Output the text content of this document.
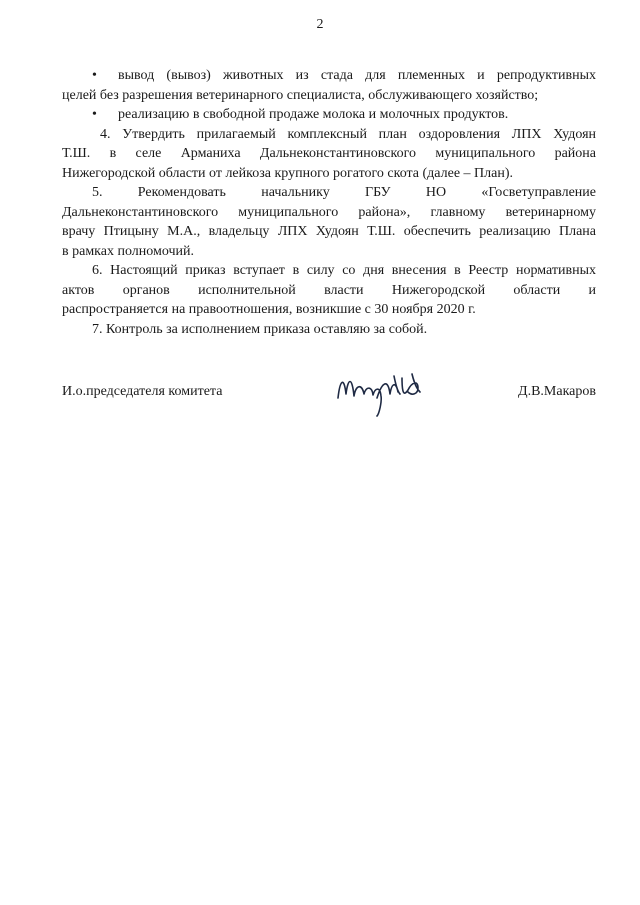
2

• вывод (вывоз) животных из стада для племенных и репродуктивных

целей без разрешения ветеринарного специалиста, обслуживающего хозяйство;

• реализацию в свободной продаже молока и молочных продуктов.

4. Утвердить прилагаемый комплексный план оздоровления ЛПХ Худоян

Т.Ш. в селе Арманиха Дальнеконстантиновского муниципального района

Нижегородской области от лейкоза крупного рогатого скота (далее – План).

5. Рекомендовать начальнику ГБУ НО «Госветуправление

Дальнеконстантиновского муниципального района», главному ветеринарному

врачу Птицыну М.А., владельцу ЛПХ Худоян Т.Ш. обеспечить реализацию Плана

в рамках полномочий.

6. Настоящий приказ вступает в силу со дня внесения в Реестр нормативных

актов органов исполнительной власти Нижегородской области и

распространяется на правоотношения, возникшие с 30 ноября 2020 г.

7. Контроль за исполнением приказа оставляю за собой.

И.о.председателя комитета	Д.В.Макаров
